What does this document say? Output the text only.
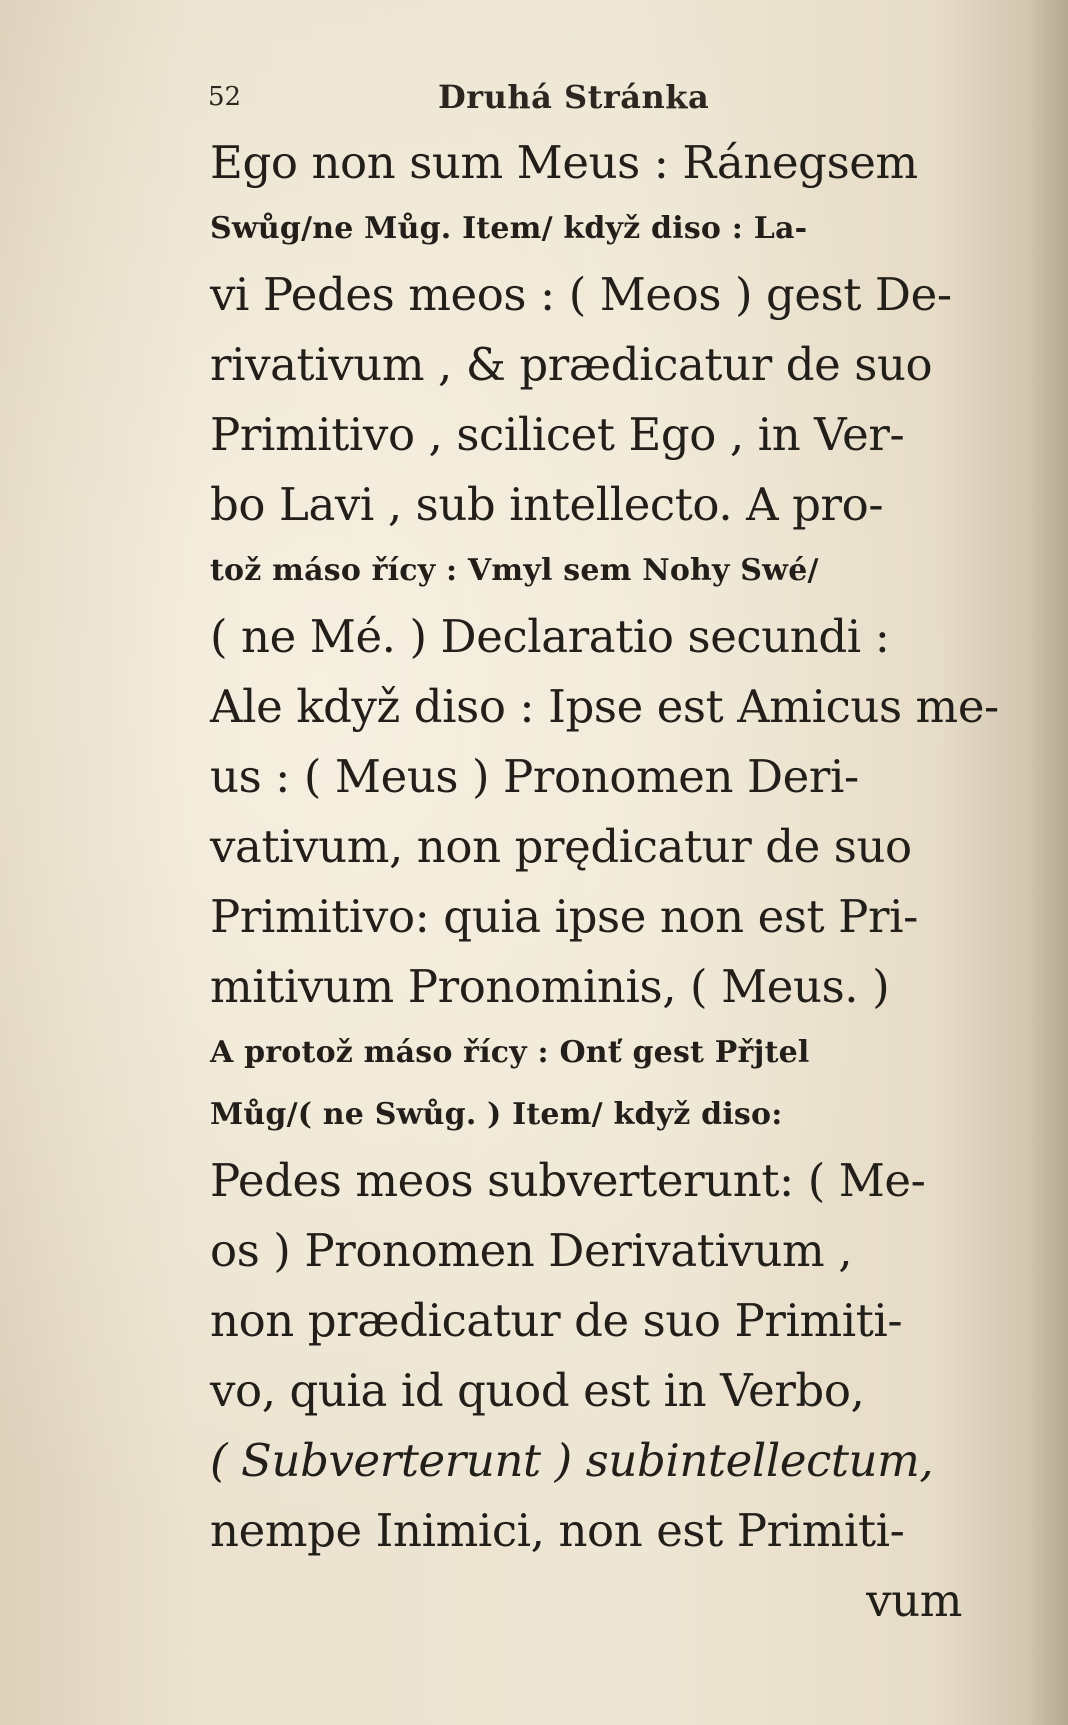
52	Druhá Stránka
Ego non sum Meus : Ránegsem
Swůg/ne Můg. Item/ když diso : La-
vi Pedes meos : ( Meos ) gest De-
rivativum , & prædicatur de suo
Primitivo , scilicet Ego , in Ver-
bo Lavi , sub intellecto. A pro-
tož máso řícy : Vmyl sem Nohy Swé/
( ne Mé. ) Declaratio secundi :
Ale když diso : Ipse est Amicus me-
us : ( Meus ) Pronomen Deri-
vativum, non prędicatur de suo
Primitivo: quia ipse non est Pri-
mitivum Pronominis, ( Meus. )
A protož máso řícy : Onť gest Přjtel
Můg/( ne Swůg. ) Item/ když diso:
Pedes meos subverterunt: ( Me-
os ) Pronomen Derivativum ,
non prædicatur de suo Primiti-
vo, quia id quod est in Verbo,
( Subverterunt ) subintellectum,
nempe Inimici, non est Primiti-
vum
